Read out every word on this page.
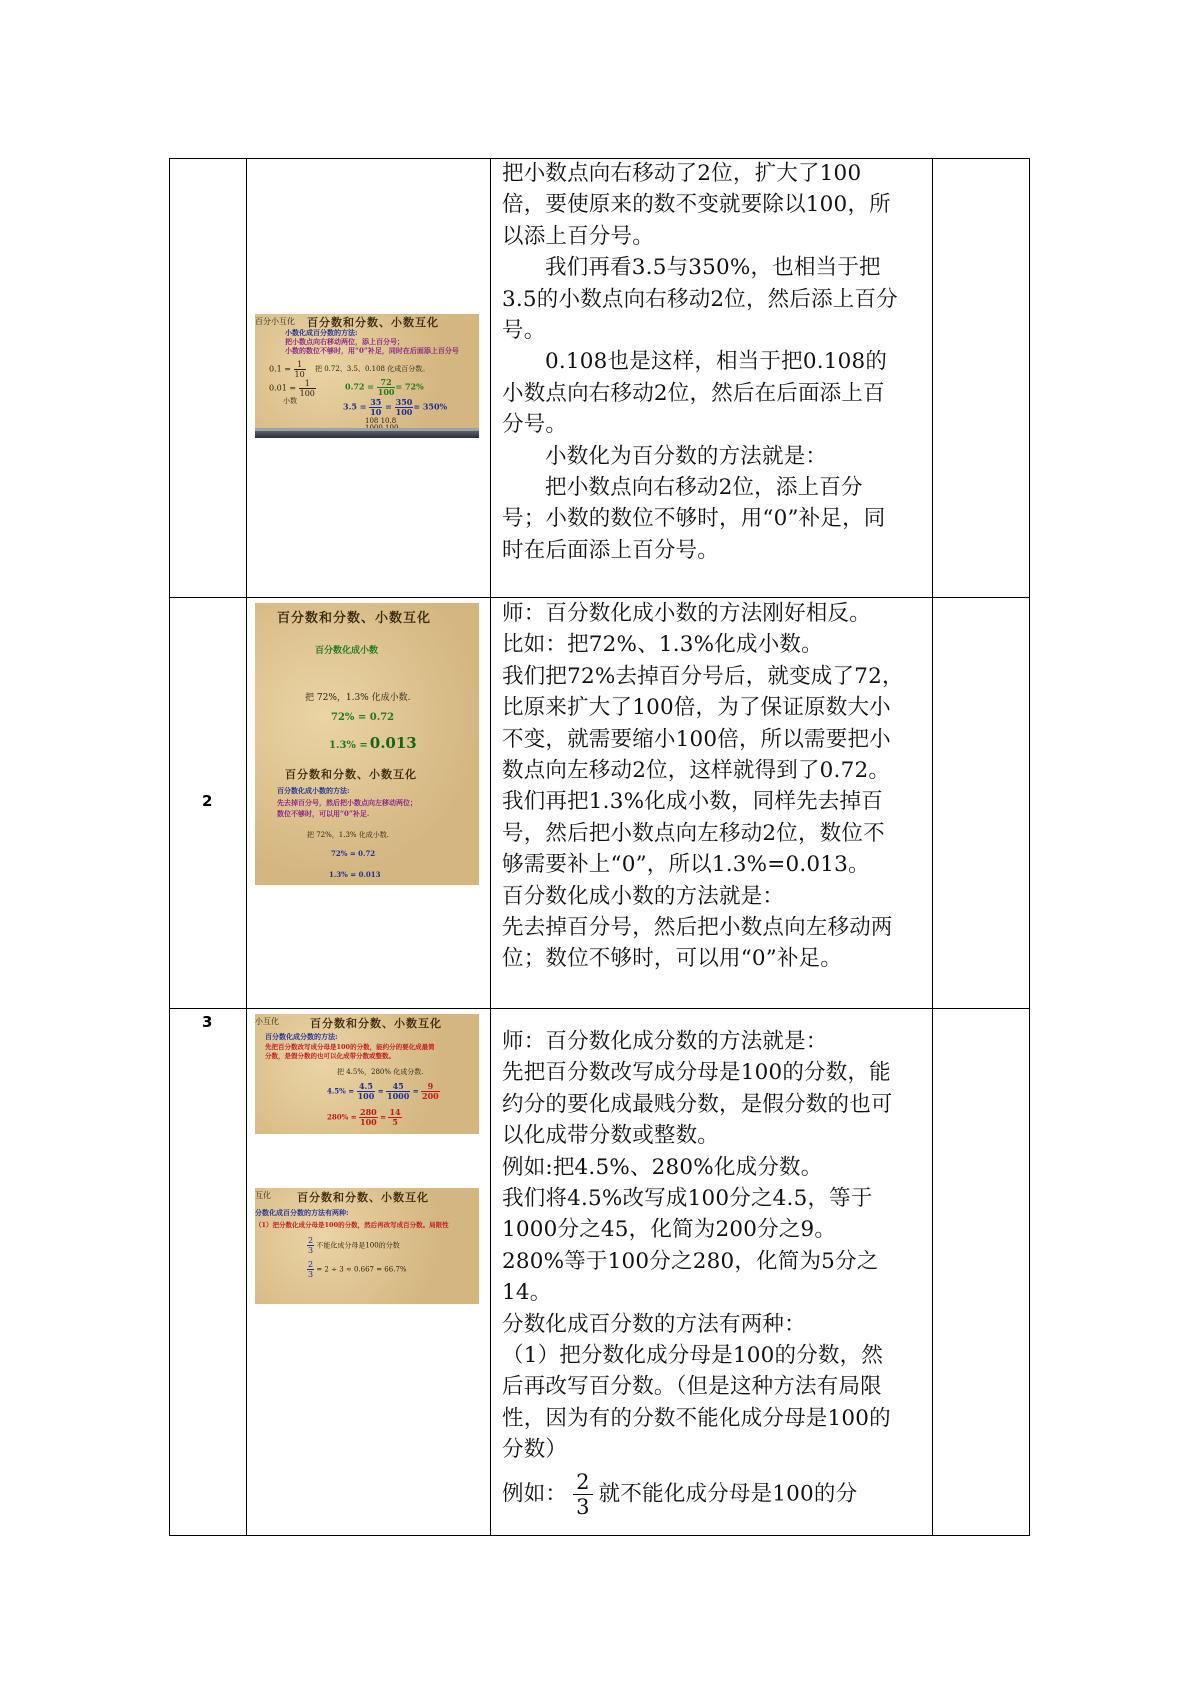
2
3

把小数点向右移动了2位，扩大了100倍，要使原来的数不变就要除以100，所以添上百分号。

我们再看3.5与350%，也相当于把3.5的小数点向右移动2位，然后添上百分号。

0.108也是这样，相当于把0.108的小数点向右移动2位，然后在后面添上百分号。

小数化为百分数的方法就是：

把小数点向右移动2位，添上百分号；小数的数位不够时，用“0”补足，同时在后面添上百分号。

师：百分数化成小数的方法刚好相反。

比如：把72%、1.3%化成小数。

我们把72%去掉百分号后，就变成了72，比原来扩大了100倍，为了保证原数大小不变，就需要缩小100倍，所以需要把小数点向左移动2位，这样就得到了0.72。

我们再把1.3%化成小数，同样先去掉百号，然后把小数点向左移动2位，数位不够需要补上“0”，所以1.3%=0.013。

百分数化成小数的方法就是：

先去掉百分号，然后把小数点向左移动两位；数位不够时，可以用“0”补足。

师：百分数化成分数的方法就是：

先把百分数改写成分母是100的分数，能约分的要化成最贱分数，是假分数的也可以化成带分数或整数。

例如:把4.5%、280%化成分数。

我们将4.5%改写成100分之4.5，等于1000分之45，化简为200分之9。

280%等于100分之280，化简为5分之14。

分数化成百分数的方法有两种：

（1）把分数化成分母是100的分数，然后再改写百分数。（但是这种方法有局限性，因为有的分数不能化成分母是100的分数）

例如： $\frac{2}{3}$ 就不能化成分母是100的分

百分小互化 百分数和分数、小数互化
小数化成百分数的方法:
把小数点向右移动两位，添上百分号；
小数的数位不够时，用“0”补足，同时在后面添上百分号
$0.1 = \frac{1}{10}$ 把 0.72、3.5、0.108 化成百分数。
$0.01 = \frac{1}{100}$	$0.72 = \frac{72}{100} = 72\%$
小数
$3.5 = \frac{35}{10} = \frac{350}{100} = 350\%$
108 10.8
百分数和分数、小数互化
百分数化成小数
把 72%，1.3% 化成小数.
72% = 0.72
1.3% = 0.013
百分数和分数、小数互化
百分数化成小数的方法:
先去掉百分号，然后把小数点向左移动两位；
数位不够时，可以用“0”补足.
把 72%，1.3% 化成小数.
72% = 0.72
1.3% = 0.013
小互化	百分数和分数、小数互化
百分数化成分数的方法:
先把百分数改写成分母是100的分数，能约分的要化成最简
分数，是假分数的也可以化成带分数或整数。
把 4.5%，280% 化成分数.
$4.5\% = \frac{4.5}{100} = \frac{45}{1000} = \frac{9}{200}$
$280\% = \frac{280}{100} = \frac{14}{5}$
互化 百分数和分数、小数互化
分数化成百分数的方法有两种:
（1）把分数化成分母是100的分数，然后再改写成百分数。局限性
$\frac{2}{3}$ 不能化成分母是100的分数
$\frac{2}{3} = 2 \div 3 \approx 0.667 = 66.7\%$
